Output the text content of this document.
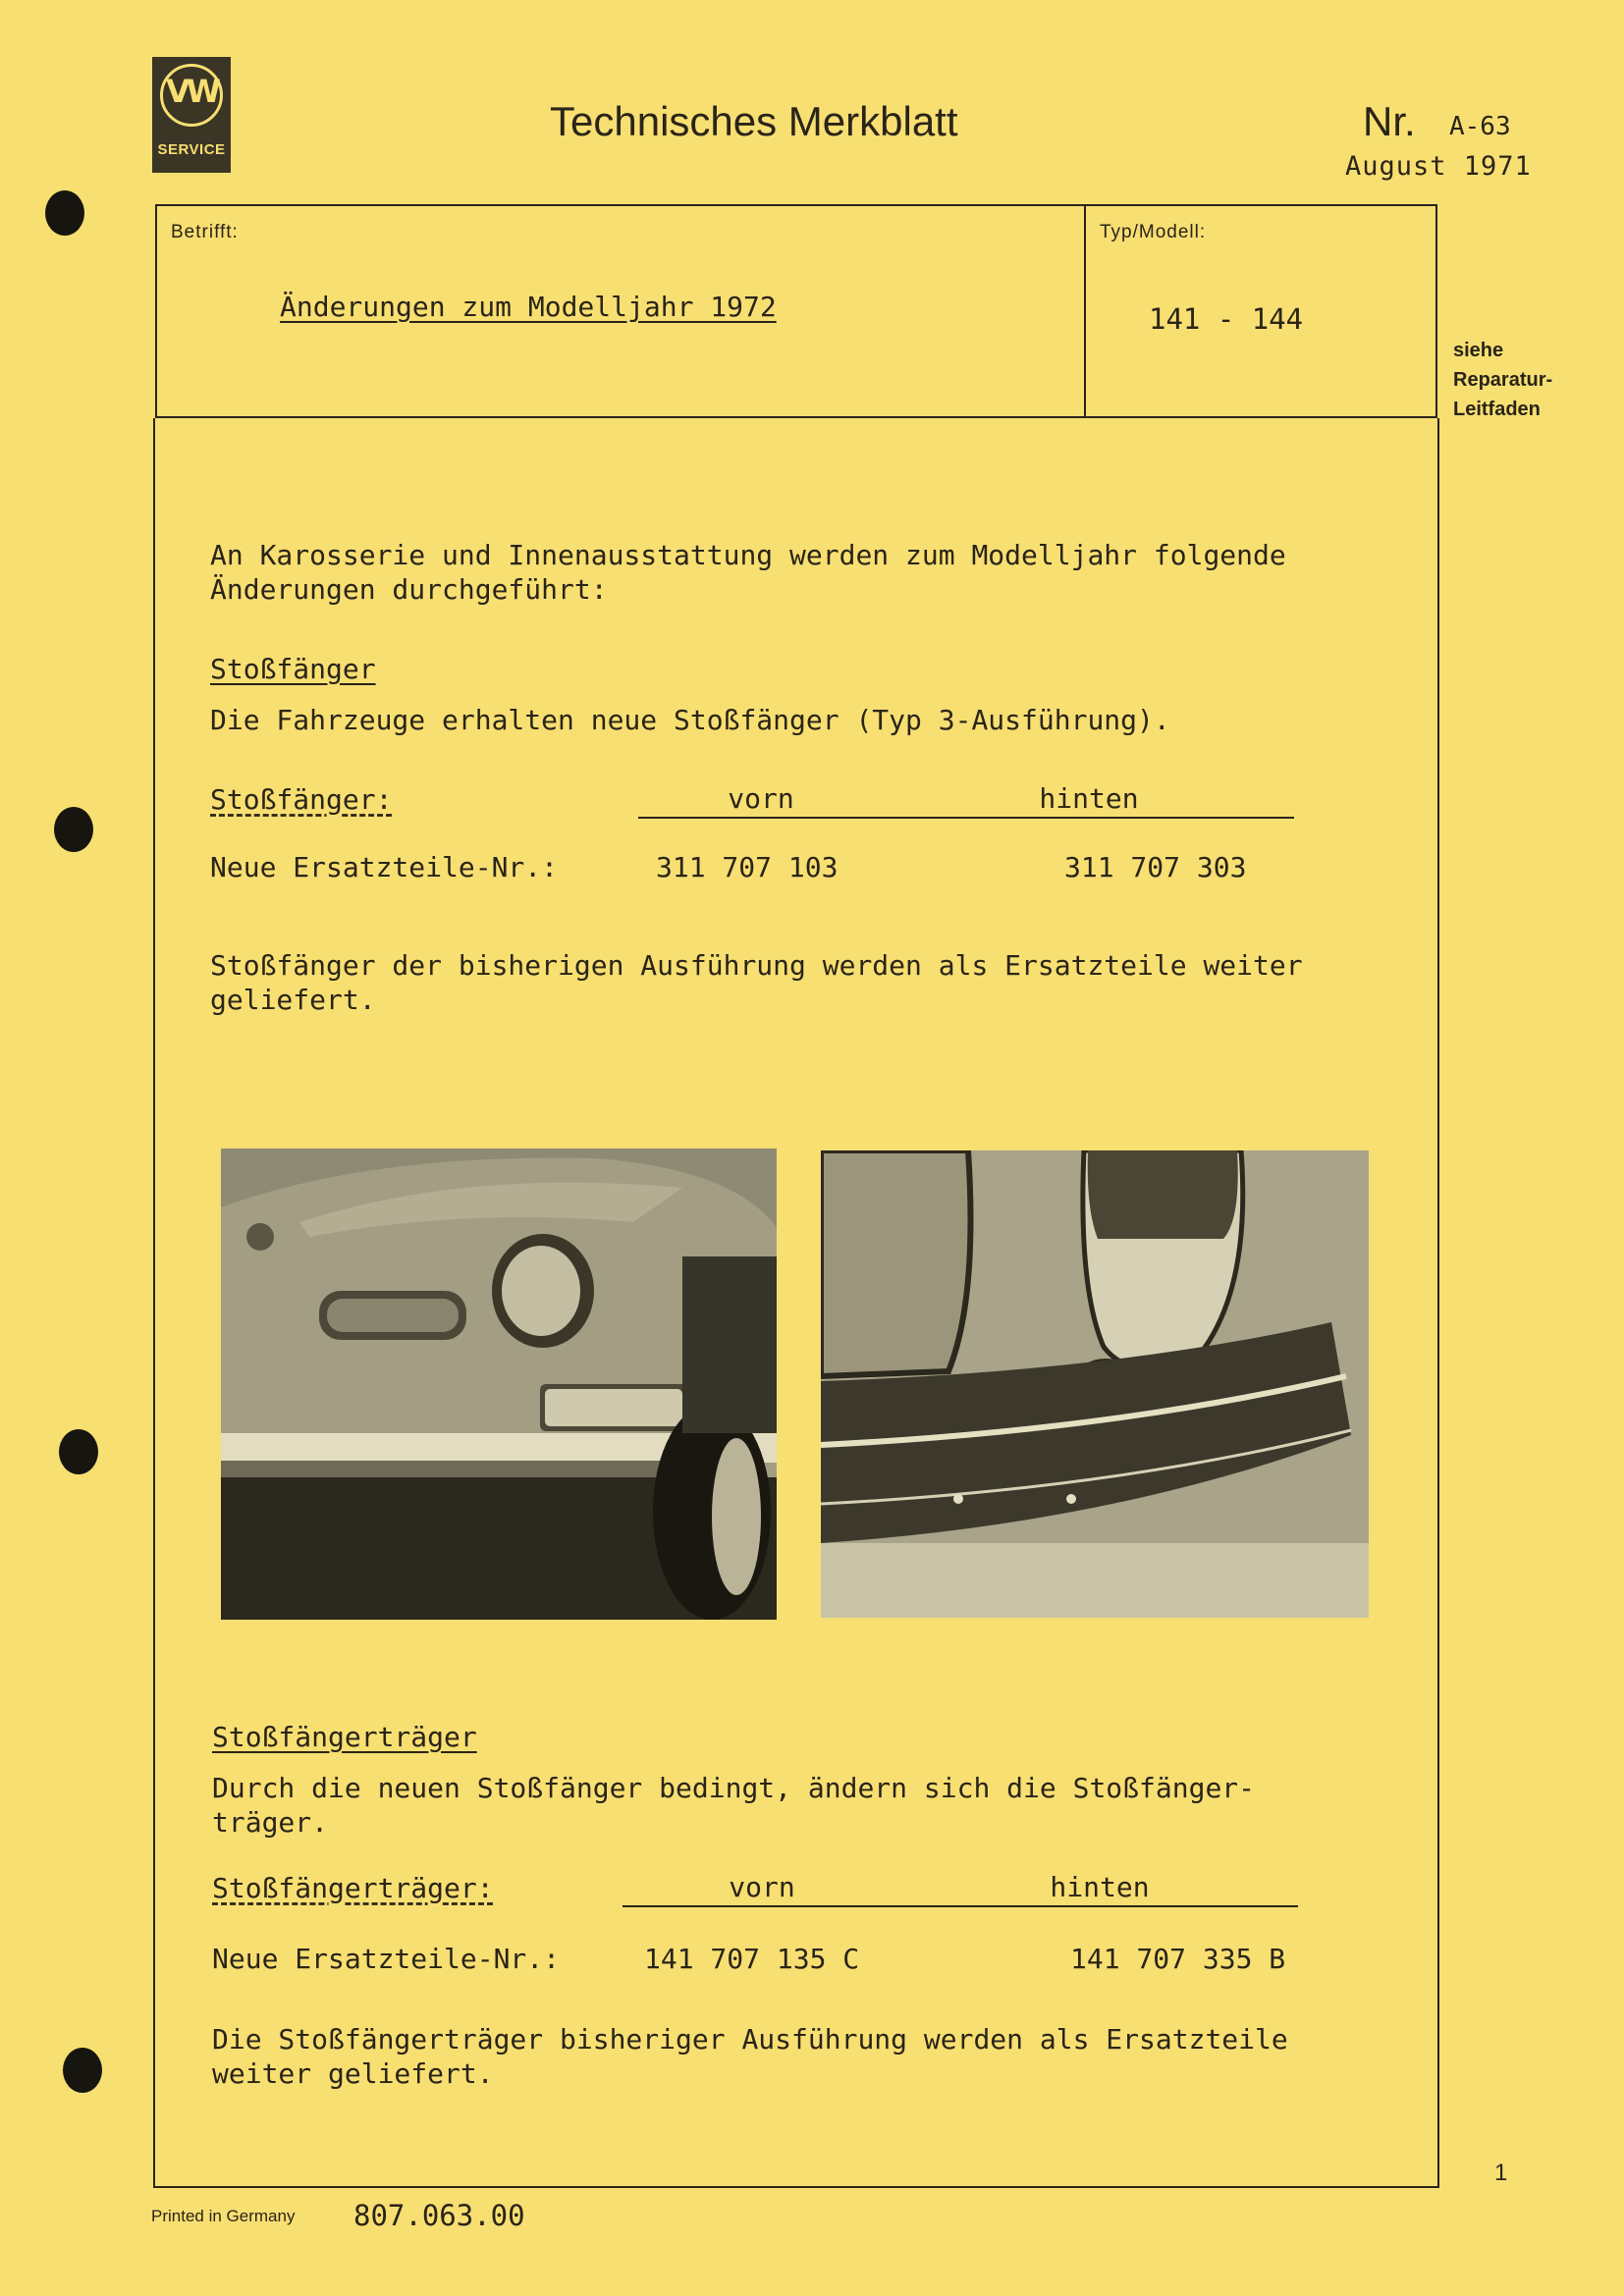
VW
SERVICE
Technisches Merkblatt	Nr. A-63
August 1971
Betrifft:	Typ/Modell:
Änderungen zum Modelljahr 1972	141 - 144
siehe
Reparatur-
Leitfaden
An Karosserie und Innenausstattung werden zum Modelljahr folgende
Änderungen durchgeführt:
Stoßfänger
Die Fahrzeuge erhalten neue Stoßfänger (Typ 3-Ausführung).
Stoßfänger:	vorn	hinten
Neue Ersatzteile-Nr.:	311 707 103	311 707 303
Stoßfänger der bisherigen Ausführung werden als Ersatzteile weiter
geliefert.
Stoßfängerträger
Durch die neuen Stoßfänger bedingt, ändern sich die Stoßfänger-
träger.
Stoßfängerträger:	vorn	hinten
Neue Ersatzteile-Nr.:	141 707 135 C	141 707 335 B
Die Stoßfängerträger bisheriger Ausführung werden als Ersatzteile
weiter geliefert.
1
Printed in Germany 807.063.00
